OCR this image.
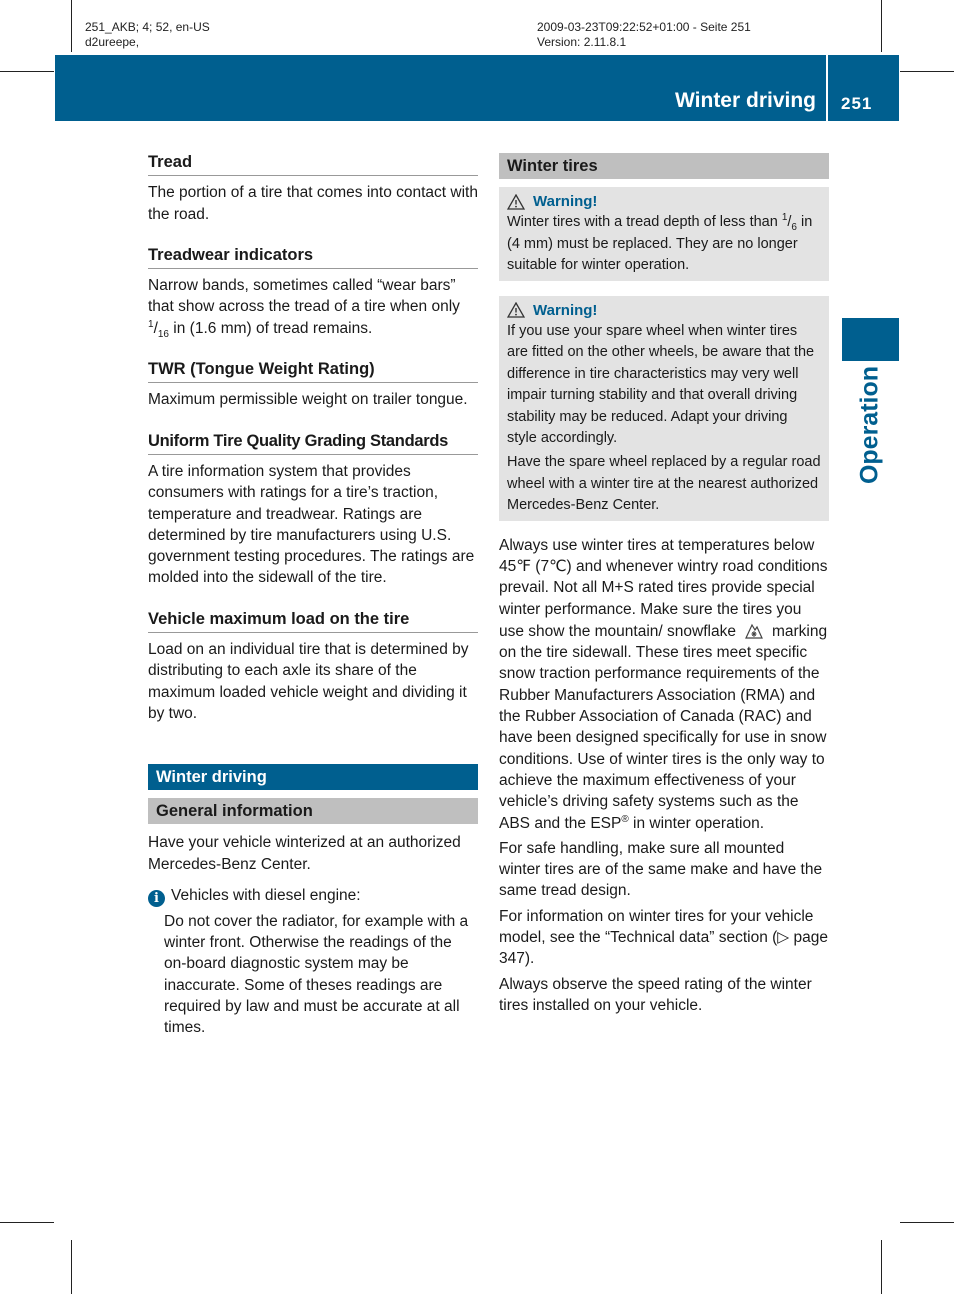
251_AKB; 4; 52, en-US
d2ureepe,
2009-03-23T09:22:52+01:00 - Seite 251
Version: 2.11.8.1
Winter driving 251
Operation
Tread
The portion of a tire that comes into contact with the road.
Treadwear indicators
Narrow bands, sometimes called “wear bars” that show across the tread of a tire when only $^1/_{16}$ in (1.6 mm) of tread remains.
TWR (Tongue Weight Rating)
Maximum permissible weight on trailer tongue.
Uniform Tire Quality Grading Standards
A tire information system that provides consumers with ratings for a tire’s traction, temperature and treadwear. Ratings are determined by tire manufacturers using U.S. government testing procedures. The ratings are molded into the sidewall of the tire.
Vehicle maximum load on the tire
Load on an individual tire that is determined by distributing to each axle its share of the maximum loaded vehicle weight and dividing it by two.
Winter driving
General information
Have your vehicle winterized at an authorized Mercedes-Benz Center.
i Vehicles with diesel engine:
Do not cover the radiator, for example with a winter front. Otherwise the readings of the on-board diagnostic system may be inaccurate. Some of theses readings are required by law and must be accurate at all times.
Winter tires
Warning!
Winter tires with a tread depth of less than $^1/_6$ in (4 mm) must be replaced. They are no longer suitable for winter operation.
Warning!
If you use your spare wheel when winter tires are fitted on the other wheels, be aware that the difference in tire characteristics may very well impair turning stability and that overall driving stability may be reduced. Adapt your driving style accordingly.
Have the spare wheel replaced by a regular road wheel with a winter tire at the nearest authorized Mercedes-Benz Center.
Always use winter tires at temperatures below 45℉ (7℃) and whenever wintry road conditions prevail. Not all M+S rated tires provide special winter performance. Make sure the tires you use show the mountain/ snowflake marking on the tire sidewall. These tires meet specific snow traction performance requirements of the Rubber Manufacturers Association (RMA) and the Rubber Association of Canada (RAC) and have been designed specifically for use in snow conditions. Use of winter tires is the only way to achieve the maximum effectiveness of your vehicle’s driving safety systems such as the ABS and the ESP® in winter operation.
For safe handling, make sure all mounted winter tires are of the same make and have the same tread design.
For information on winter tires for your vehicle model, see the “Technical data” section (▷ page 347).
Always observe the speed rating of the winter tires installed on your vehicle.
